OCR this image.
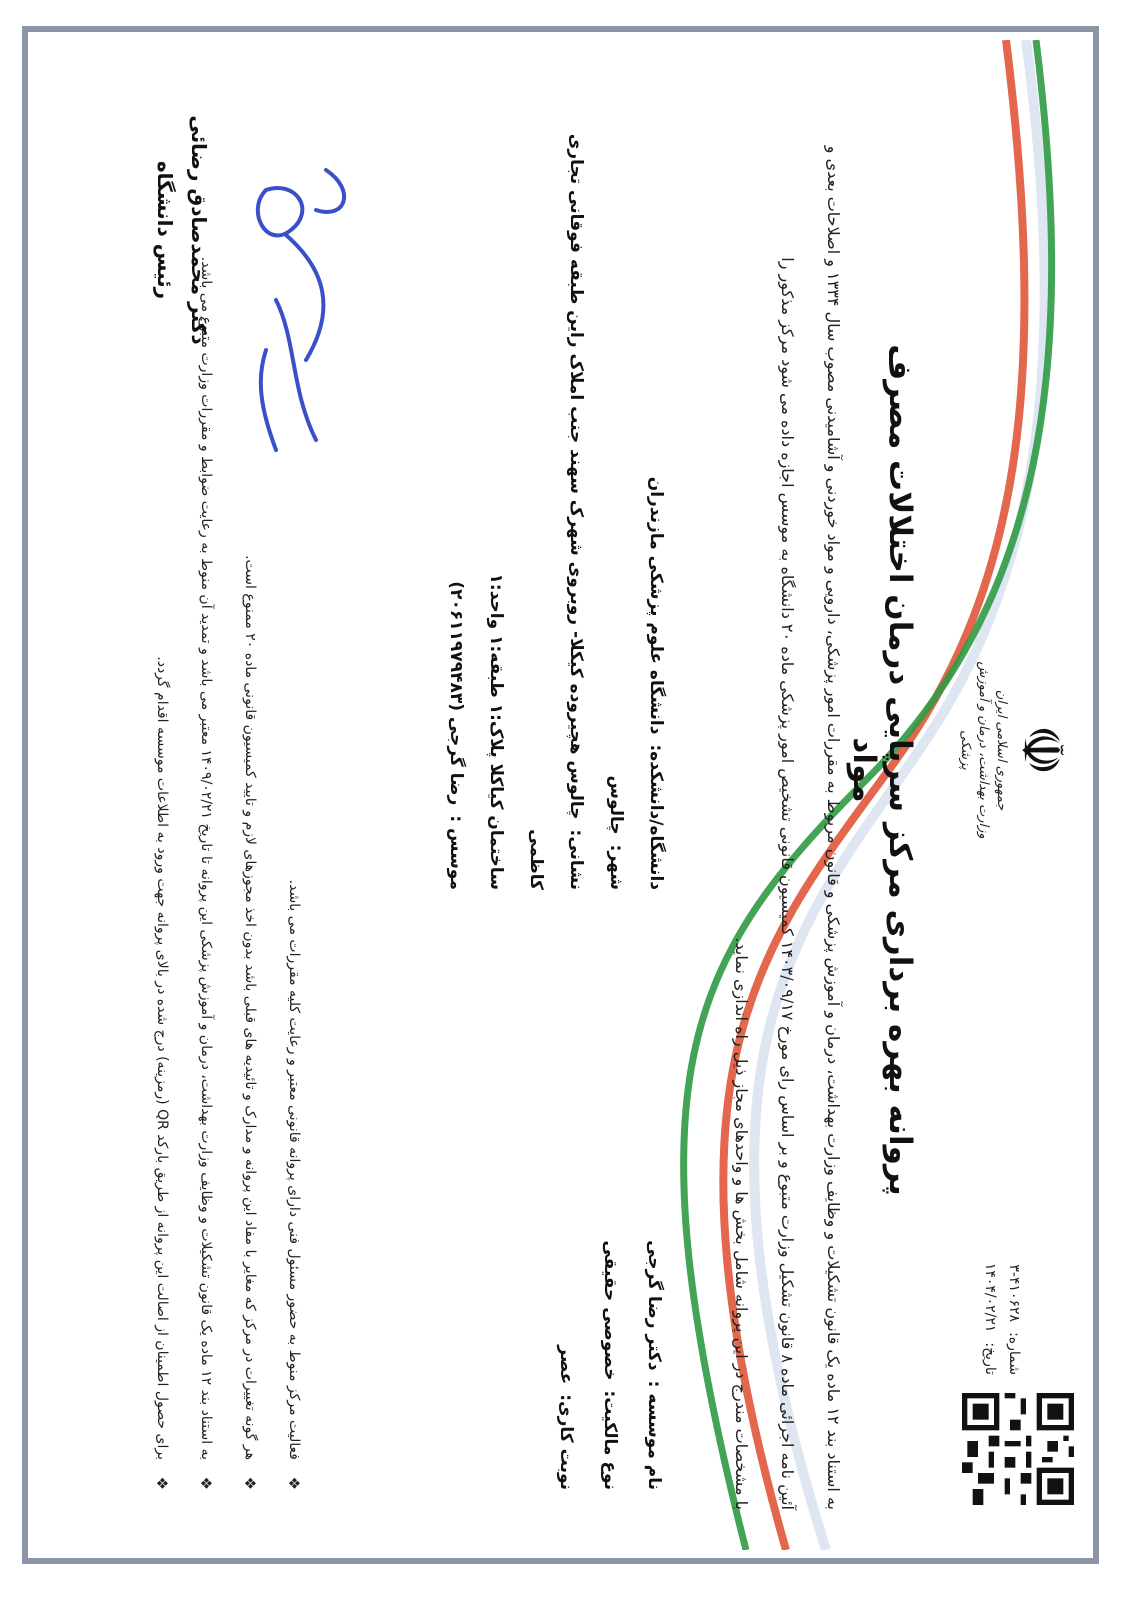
☫
جمهوری اسلامی ایران
وزارت بهداشت، درمان و آموزش پزشکی
شماره:
۳-۴۱۰۶۲۸
تاریخ:
۱۴۰۴/۰۲/۲۱
پروانه بهره برداری مرکز سرپایی درمان اختلالات مصرف مواد
به استناد بند ۱۲ ماده یک قانون تشکیلات و وظایف وزارت بهداشت، درمان و آموزش پزشکی و قانون مربوط به مقررات امور پزشکی، دارویی و مواد خوردنی و آشامیدنی مصوب سال ۱۳۳۴ و اصلاحات بعدی و
آئین نامه اجرائی ماده ۸ قانون تشکیل وزارت متبوع و بر اساس رای مورخ ۱۴۰۳/۰۹/۱۷ کمیسیون قانونی تشخیص امور پزشکی ماده ۲۰ دانشگاه به موسس اجازه داده می شود مرکز مذکور را
با مشخصات مندرج در این پروانه شامل بخش ها و واحدهای مجاز ذیل راه اندازی نماید.
نام موسسه :دکتر رضا گرجی
نوع مالکیت:خصوصی حقیقی
نوبت کاری:عصر
دانشگاه/دانشکده:دانشگاه علوم پزشکی مازندران
شهر:چالوس
نشانی:چالوس هچیروده کیکلا- روبروی شهرک سهند جنب املاک راین طبقه فوقانی تجاری کاظمی
ساختمان کیاکلا پلاک:۱ طبقه:۱ واحد:۱
موسس :رضا گرجی (۲۰۶۱۱۹۷۹۴۸۳)
❖
فعالیت مرکز منوط به حضور مسئول فنی دارای پروانه قانونی معتبر و رعایت کلیه مقررات می باشد.
❖
هر گونه تغییرات در مرکز که مغایر با مفاد این پروانه و مدارک و تائیدیه های قبلی باشد بدون اخذ مجوزهای لازم و تایید کمیسیون قانونی ماده ۲۰ ممنوع است.
❖
به استناد بند ۱۲ ماده یک قانون تشکیلات و وظایف وزارت بهداشت، درمان و آموزش پزشکی این پروانه تا تاریخ ۱۴۰۹/۰۲/۲۱ معتبر می باشد و تمدید آن منوط به رعایت ضوابط و مقررات وزارت متبوع می باشد.
❖
برای حصول اطمینان از اصالت این پروانه از طریق بارکد QR (رمزینه) درج شده در بالای پروانه جهت ورود به اطلاعات موسسه اقدام گردد.
دکتر محمدصادق رضائی
رئیس دانشگاه
